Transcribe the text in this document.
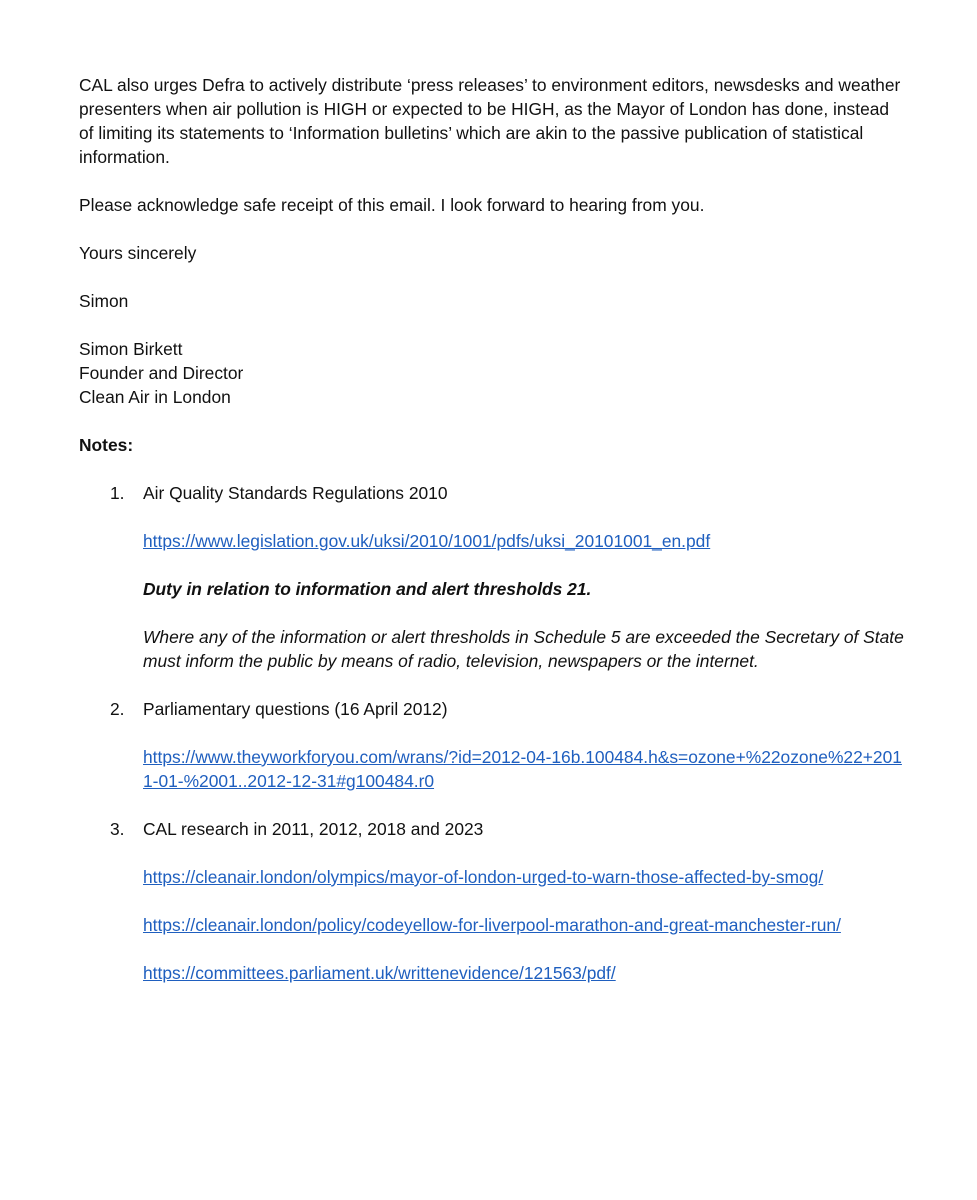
CAL also urges Defra to actively distribute ‘press releases’ to environment editors, newsdesks and weather presenters when air pollution is HIGH or expected to be HIGH, as the Mayor of London has done, instead of limiting its statements to ‘Information bulletins’ which are akin to the passive publication of statistical information.

Please acknowledge safe receipt of this email. I look forward to hearing from you.

Yours sincerely

Simon

Simon Birkett

Founder and Director

Clean Air in London

Notes:

1. Air Quality Standards Regulations 2010

https://www.legislation.gov.uk/uksi/2010/1001/pdfs/uksi_20101001_en.pdf

Duty in relation to information and alert thresholds 21.

Where any of the information or alert thresholds in Schedule 5 are exceeded the Secretary of State must inform the public by means of radio, television, newspapers or the internet.

2. Parliamentary questions (16 April 2012)

https://www.theyworkforyou.com/wrans/?id=2012-04-16b.100484.h&s=ozone+%22ozone%22+2011-01-%2001..2012-12-31#g100484.r0
3. CAL research in 2011, 2012, 2018 and 2023

https://cleanair.london/olympics/mayor-of-london-urged-to-warn-those-affected-by-smog/
https://cleanair.london/policy/codeyellow-for-liverpool-marathon-and-great-manchester-run/
https://committees.parliament.uk/writtenevidence/121563/pdf/
